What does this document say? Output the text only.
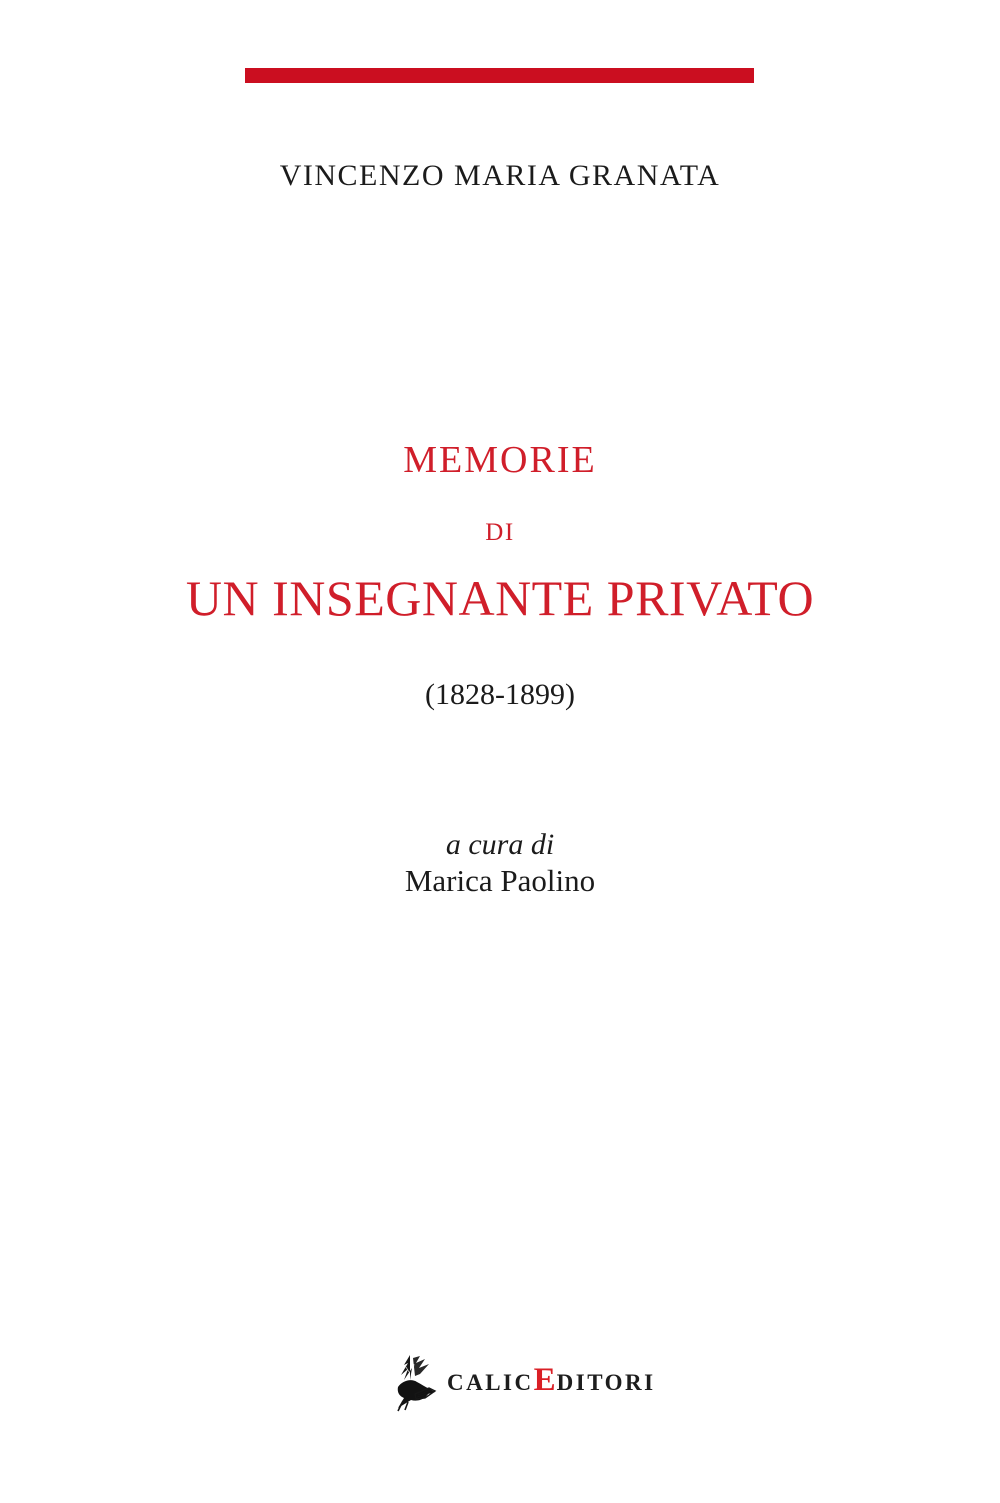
VINCENZO MARIA GRANATA
MEMORIE
DI
UN INSEGNANTE PRIVATO
(1828-1899)
a cura di
Marica Paolino
CALICEDITORI
